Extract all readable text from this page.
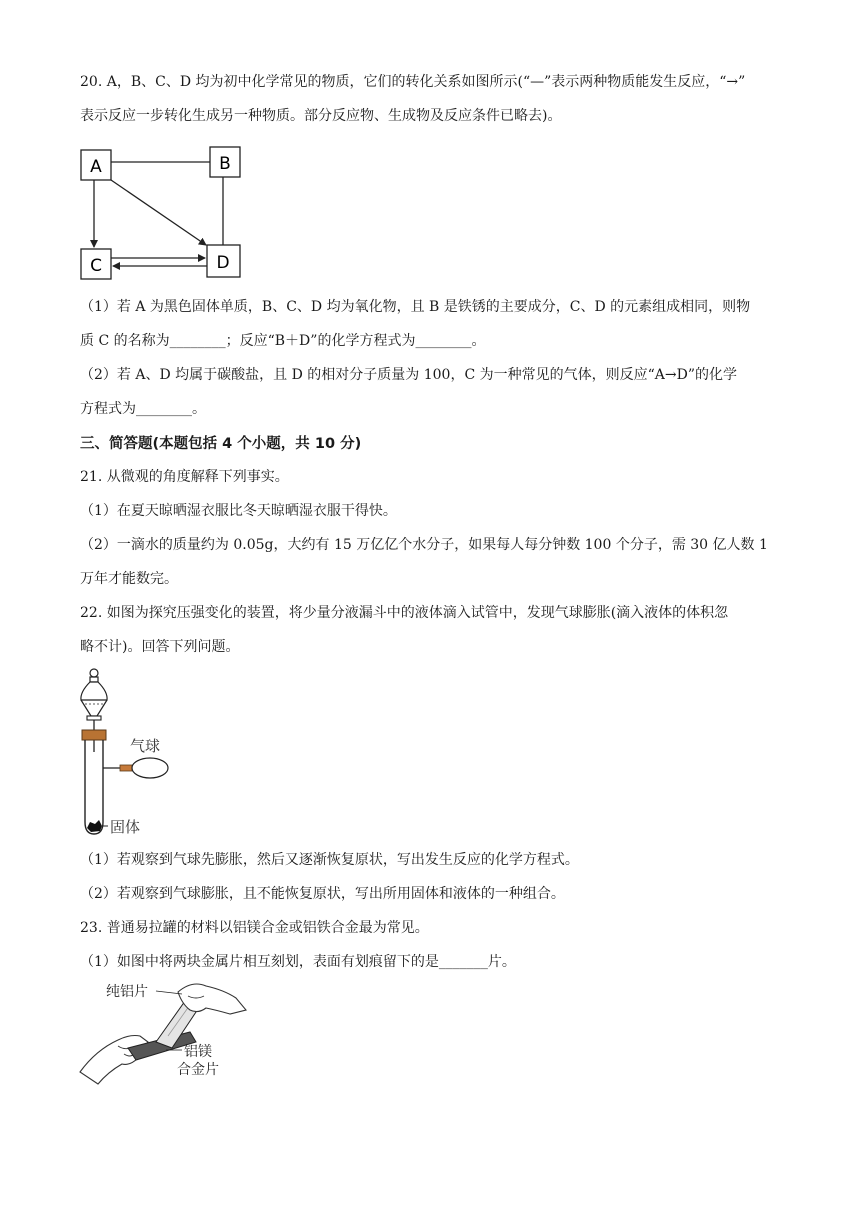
20. A，B、C、D 均为初中化学常见的物质，它们的转化关系如图所示(“—”表示两种物质能发生反应，“→”
表示反应一步转化生成另一种物质。部分反应物、生成物及反应条件已略去)。
A	B
C	D
（1）若 A 为黑色固体单质，B、C、D 均为氧化物，且 B 是铁锈的主要成分，C、D 的元素组成相同，则物
质 C 的名称为________；反应“B＋D”的化学方程式为________。
（2）若 A、D 均属于碳酸盐，且 D 的相对分子质量为 100，C 为一种常见的气体，则反应“A→D”的化学
方程式为________。
三、简答题(本题包括 4 个小题，共 10 分)
21. 从微观的角度解释下列事实。
（1）在夏天晾晒湿衣服比冬天晾晒湿衣服干得快。
（2）一滴水的质量约为 0.05g，大约有 15 万亿亿个水分子，如果每人每分钟数 100 个分子，需 30 亿人数 1
万年才能数完。
22. 如图为探究压强变化的装置，将少量分液漏斗中的液体滴入试管中，发现气球膨胀(滴入液体的体积忽
略不计)。回答下列问题。
气球
固体
（1）若观察到气球先膨胀，然后又逐渐恢复原状，写出发生反应的化学方程式。
（2）若观察到气球膨胀，且不能恢复原状，写出所用固体和液体的一种组合。
23. 普通易拉罐的材料以铝镁合金或铝铁合金最为常见。
（1）如图中将两块金属片相互刻划，表面有划痕留下的是_______片。
纯铝片
铝镁
合金片
